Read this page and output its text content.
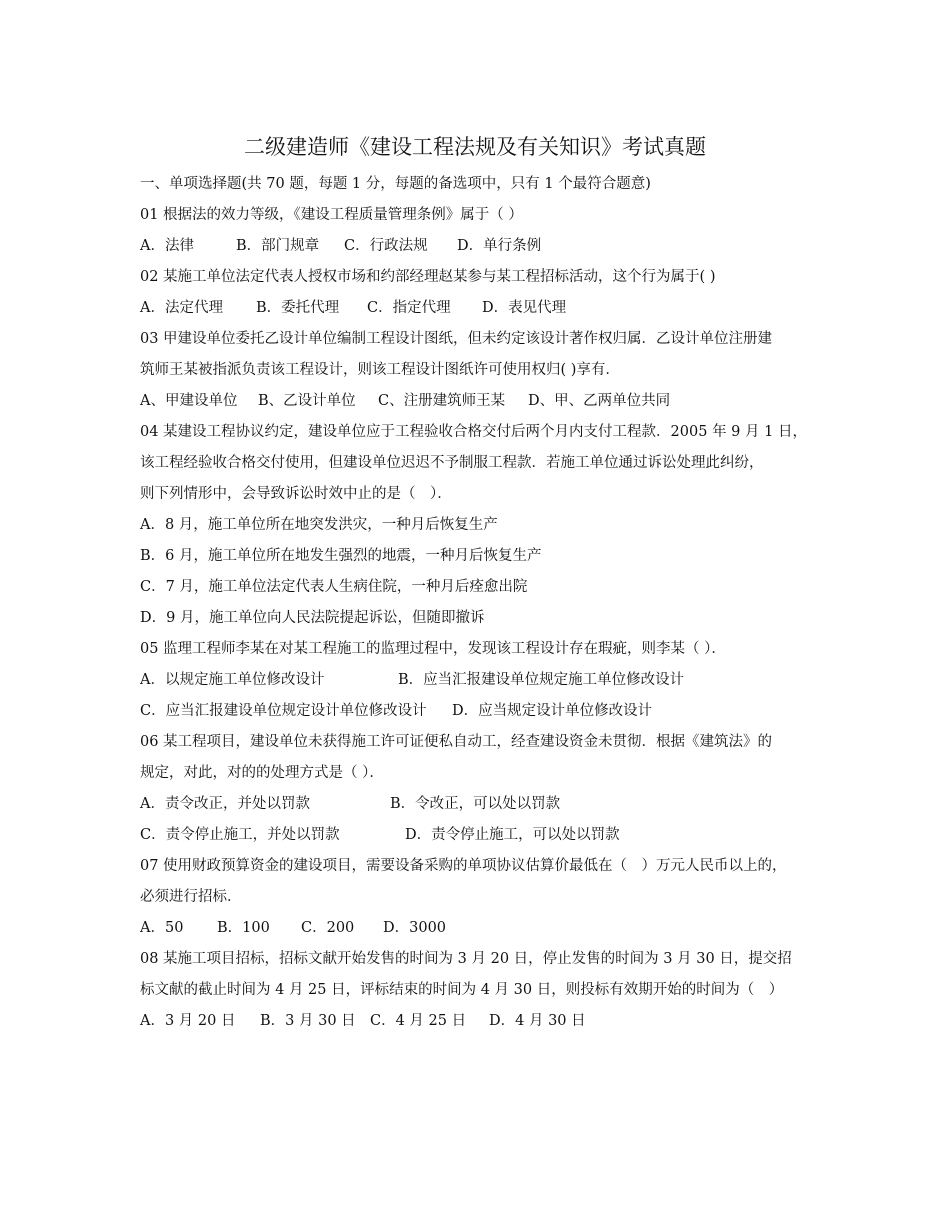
二级建造师《建设工程法规及有关知识》考试真题
一、单项选择题(共 70 题，每题 1 分，每题的备选项中，只有 1 个最符合题意)
01 根据法的效力等级，《建设工程质量管理条例》属于（ ）
A．法律	B．部门规章 C．行政法规 D．单行条例
02 某施工单位法定代表人授权市场和约部经理赵某参与某工程招标活动，这个行为属于( )
A．法定代理 B．委托代理 C．指定代理 D．表见代理
03 甲建设单位委托乙设计单位编制工程设计图纸，但未约定该设计著作权归属．乙设计单位注册建
筑师王某被指派负责该工程设计，则该工程设计图纸许可使用权归( )享有．
A、甲建设单位 B、乙设计单位 C、注册建筑师王某 D、甲、乙两单位共同
04 某建设工程协议约定，建设单位应于工程验收合格交付后两个月内支付工程款．2005 年 9 月 1 日，
该工程经验收合格交付使用，但建设单位迟迟不予制服工程款．若施工单位通过诉讼处理此纠纷，
则下列情形中，会导致诉讼时效中止的是（　）．
A．8 月，施工单位所在地突发洪灾，一种月后恢复生产
B．6 月，施工单位所在地发生强烈的地震，一种月后恢复生产
C．7 月，施工单位法定代表人生病住院，一种月后痊愈出院
D．9 月，施工单位向人民法院提起诉讼，但随即撤诉
05 监理工程师李某在对某工程施工的监理过程中，发现该工程设计存在瑕疵，则李某（ ）．
A．以规定施工单位修改设计	B．应当汇报建设单位规定施工单位修改设计
C．应当汇报建设单位规定设计单位修改设计 D．应当规定设计单位修改设计
06 某工程项目，建设单位未获得施工许可证便私自动工，经查建设资金未贯彻．根据《建筑法》的
规定，对此，对的的处理方式是（ ）．
A．责令改正，并处以罚款	B．令改正，可以处以罚款
C．责令停止施工，并处以罚款	D．责令停止施工，可以处以罚款
07 使用财政预算资金的建设项目，需要设备采购的单项协议估算价最低在（　）万元人民币以上的，
必须进行招标．
A．50 B．100 C．200 D．3000
08 某施工项目招标，招标文献开始发售的时间为 3 月 20 日，停止发售的时间为 3 月 30 日，提交招
标文献的截止时间为 4 月 25 日，评标结束的时间为 4 月 30 日，则投标有效期开始的时间为（　）
A．3 月 20 日 B．3 月 30 日 C．4 月 25 日 D．4 月 30 日
